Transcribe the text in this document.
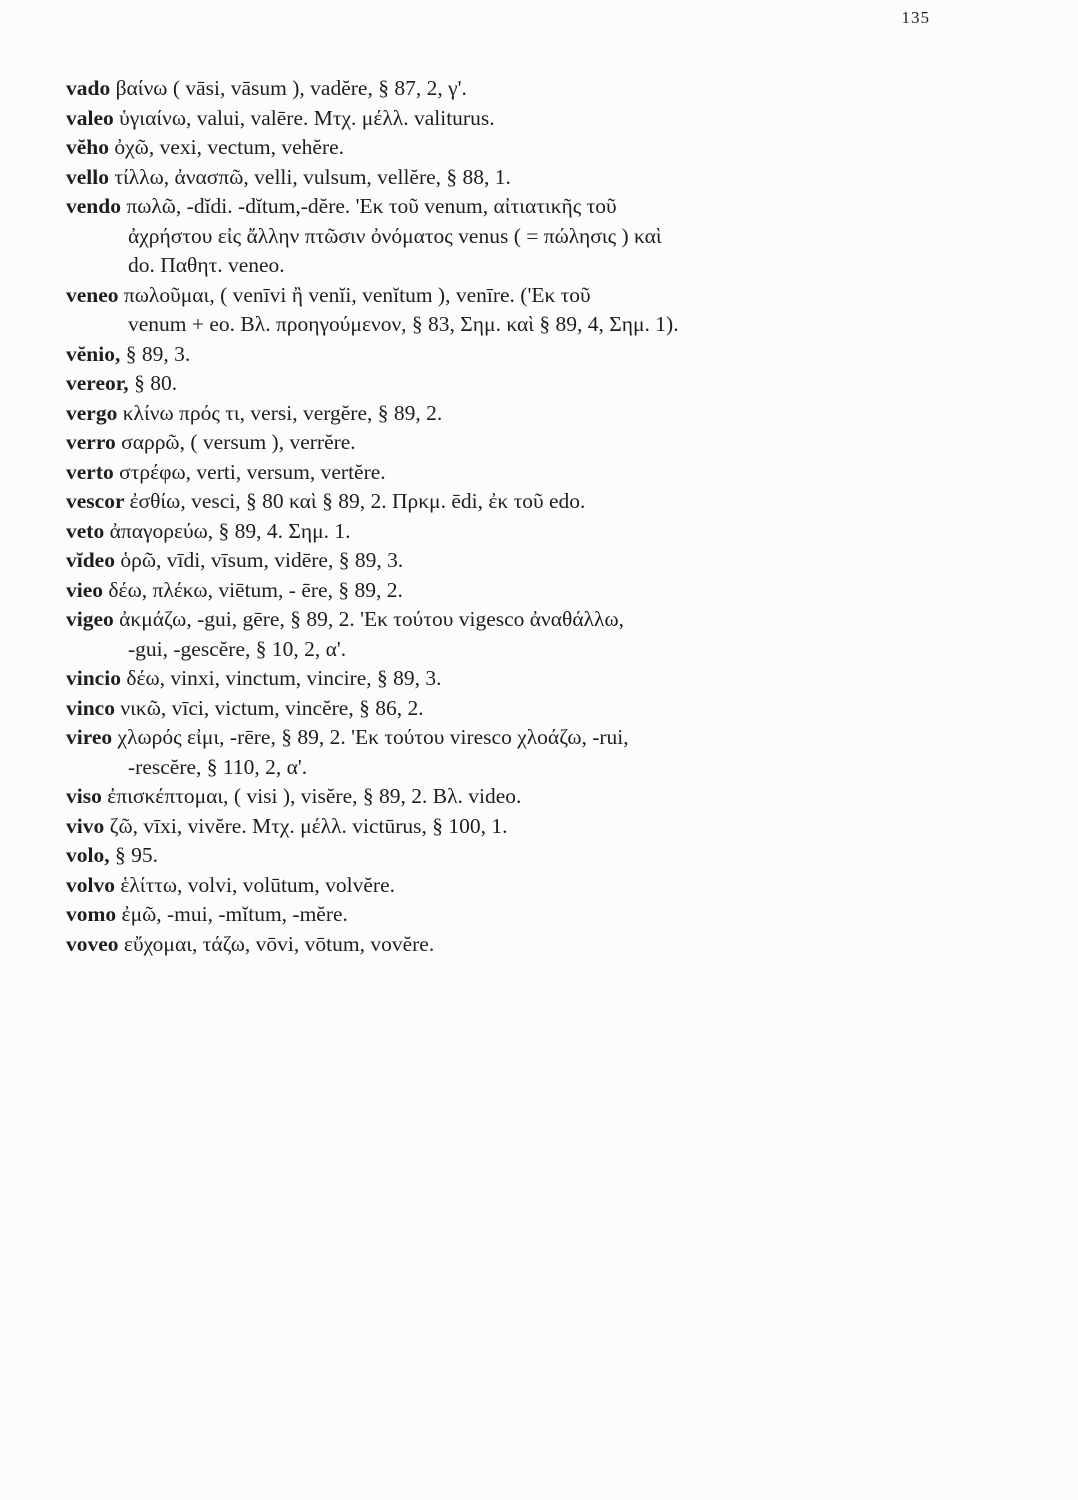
135
vado βαίνω ( vāsi, vāsum ), vadĕre, § 87, 2, γ'.
valeo ὑγιαίνω, valui, valēre. Μτχ. μέλλ. valiturus.
vĕho ὀχῶ, vexi, vectum, vehĕre.
vello τίλλω, ἀνασπῶ, velli, vulsum, vellĕre, § 88, 1.
vendo πωλῶ, -dĭdi. -dĭtum,-dĕre. 'Εκ τοῦ venum, αἰτιατικῆς τοῦ
ἀχρήστου εἰς ἄλλην πτῶσιν ὀνόματος venus ( = πώλησις ) καὶ
do. Παθητ. veneo.
veneo πωλοῦμαι, ( venīvi ἢ venĭi, venĭtum ), venīre. ('Εκ τοῦ
venum + eo. Βλ. προηγούμενον, § 83, Σημ. καὶ § 89, 4, Σημ. 1).
vĕnio, § 89, 3.
vereor, § 80.
vergo κλίνω πρός τι, versi, vergĕre, § 89, 2.
verro σαρρῶ, ( versum ), verrĕre.
verto στρέφω, verti, versum, vertĕre.
vescor ἐσθίω, vesci, § 80 καὶ § 89, 2. Πρκμ. ēdi, ἐκ τοῦ edo.
veto ἀπαγορεύω, § 89, 4. Σημ. 1.
vĭdeo ὁρῶ, vīdi, vīsum, vidēre, § 89, 3.
vieo δέω, πλέκω, viētum, - ēre, § 89, 2.
vigeo ἀκμάζω, -gui, gēre, § 89, 2. 'Εκ τούτου vigesco ἀναθάλλω,
-gui, -gescĕre, § 10, 2, α'.
vincio δέω, vinxi, vinctum, vincire, § 89, 3.
vinco νικῶ, vīci, victum, vincĕre, § 86, 2.
vireo χλωρός εἰμι, -rēre, § 89, 2. 'Εκ τούτου viresco χλοάζω, -rui,
-rescĕre, § 110, 2, α'.
viso ἐπισκέπτομαι, ( visi ), visĕre, § 89, 2. Βλ. video.
vivo ζῶ, vīxi, vivĕre. Μτχ. μέλλ. victūrus, § 100, 1.
volo, § 95.
volvo ἑλίττω, volvi, volūtum, volvĕre.
vomo ἐμῶ, -mui, -mĭtum, -mĕre.
voveo εὔχομαι, τάζω, vōvi, vōtum, vovĕre.
